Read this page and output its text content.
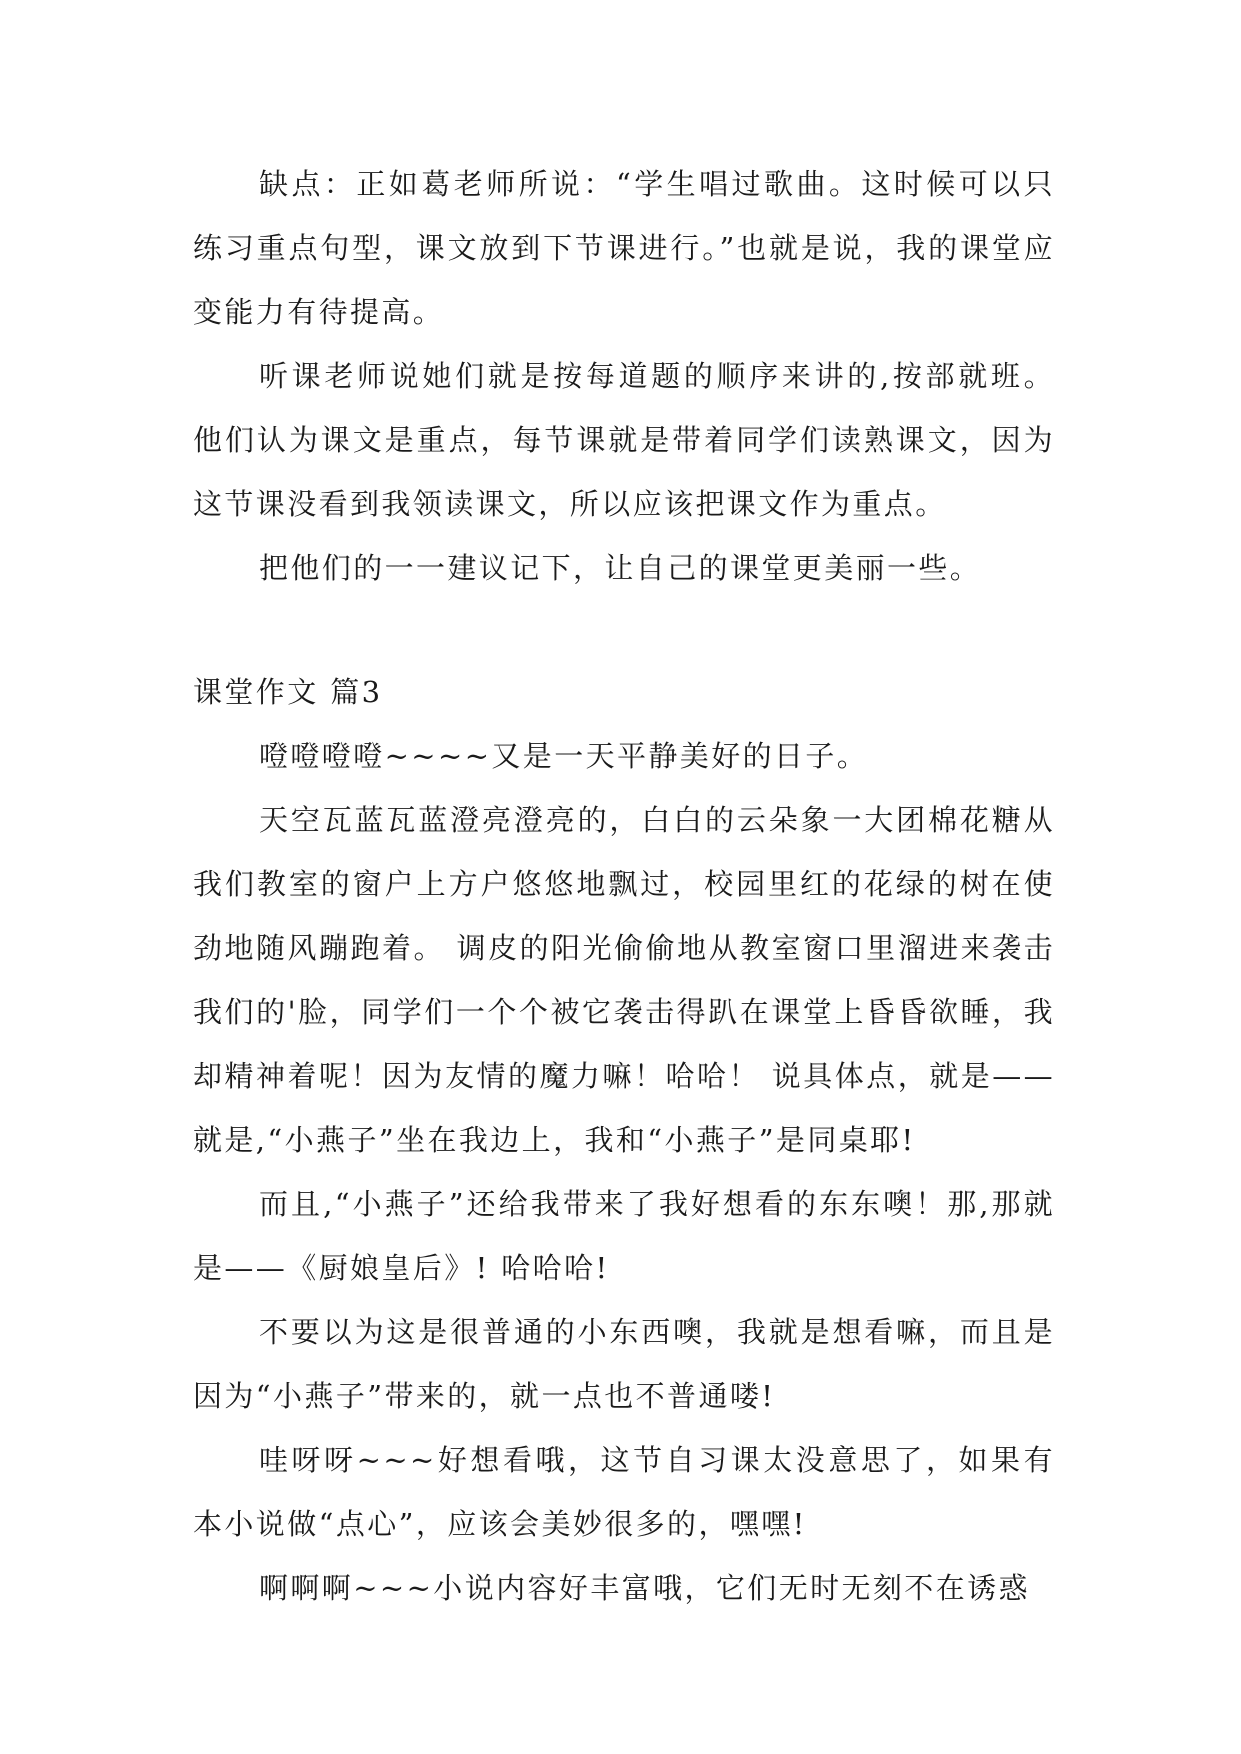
缺点：正如葛老师所说：“学生唱过歌曲。这时候可以只练习重点句型，课文放到下节课进行。”也就是说，我的课堂应变能力有待提高。

听课老师说她们就是按每道题的顺序来讲的,按部就班。他们认为课文是重点，每节课就是带着同学们读熟课文，因为这节课没看到我领读课文，所以应该把课文作为重点。

把他们的一一建议记下，让自己的课堂更美丽一些。

课堂作文 篇3

噔噔噔噔~~~~又是一天平静美好的日子。

天空瓦蓝瓦蓝澄亮澄亮的，白白的云朵象一大团棉花糖从我们教室的窗户上方户悠悠地飘过，校园里红的花绿的树在使劲地随风蹦跑着。 调皮的阳光偷偷地从教室窗口里溜进来袭击我们的'脸，同学们一个个被它袭击得趴在课堂上昏昏欲睡，我却精神着呢！因为友情的魔力嘛！哈哈！ 说具体点，就是——就是,“小燕子”坐在我边上，我和“小燕子”是同桌耶!

而且,“小燕子”还给我带来了我好想看的东东噢！那,那就是——《厨娘皇后》! 哈哈哈!

不要以为这是很普通的小东西噢，我就是想看嘛，而且是因为“小燕子”带来的，就一点也不普通喽!

哇呀呀~~~好想看哦，这节自习课太没意思了，如果有本小说做“点心”，应该会美妙很多的，嘿嘿!

啊啊啊~~~小说内容好丰富哦，它们无时无刻不在诱惑
